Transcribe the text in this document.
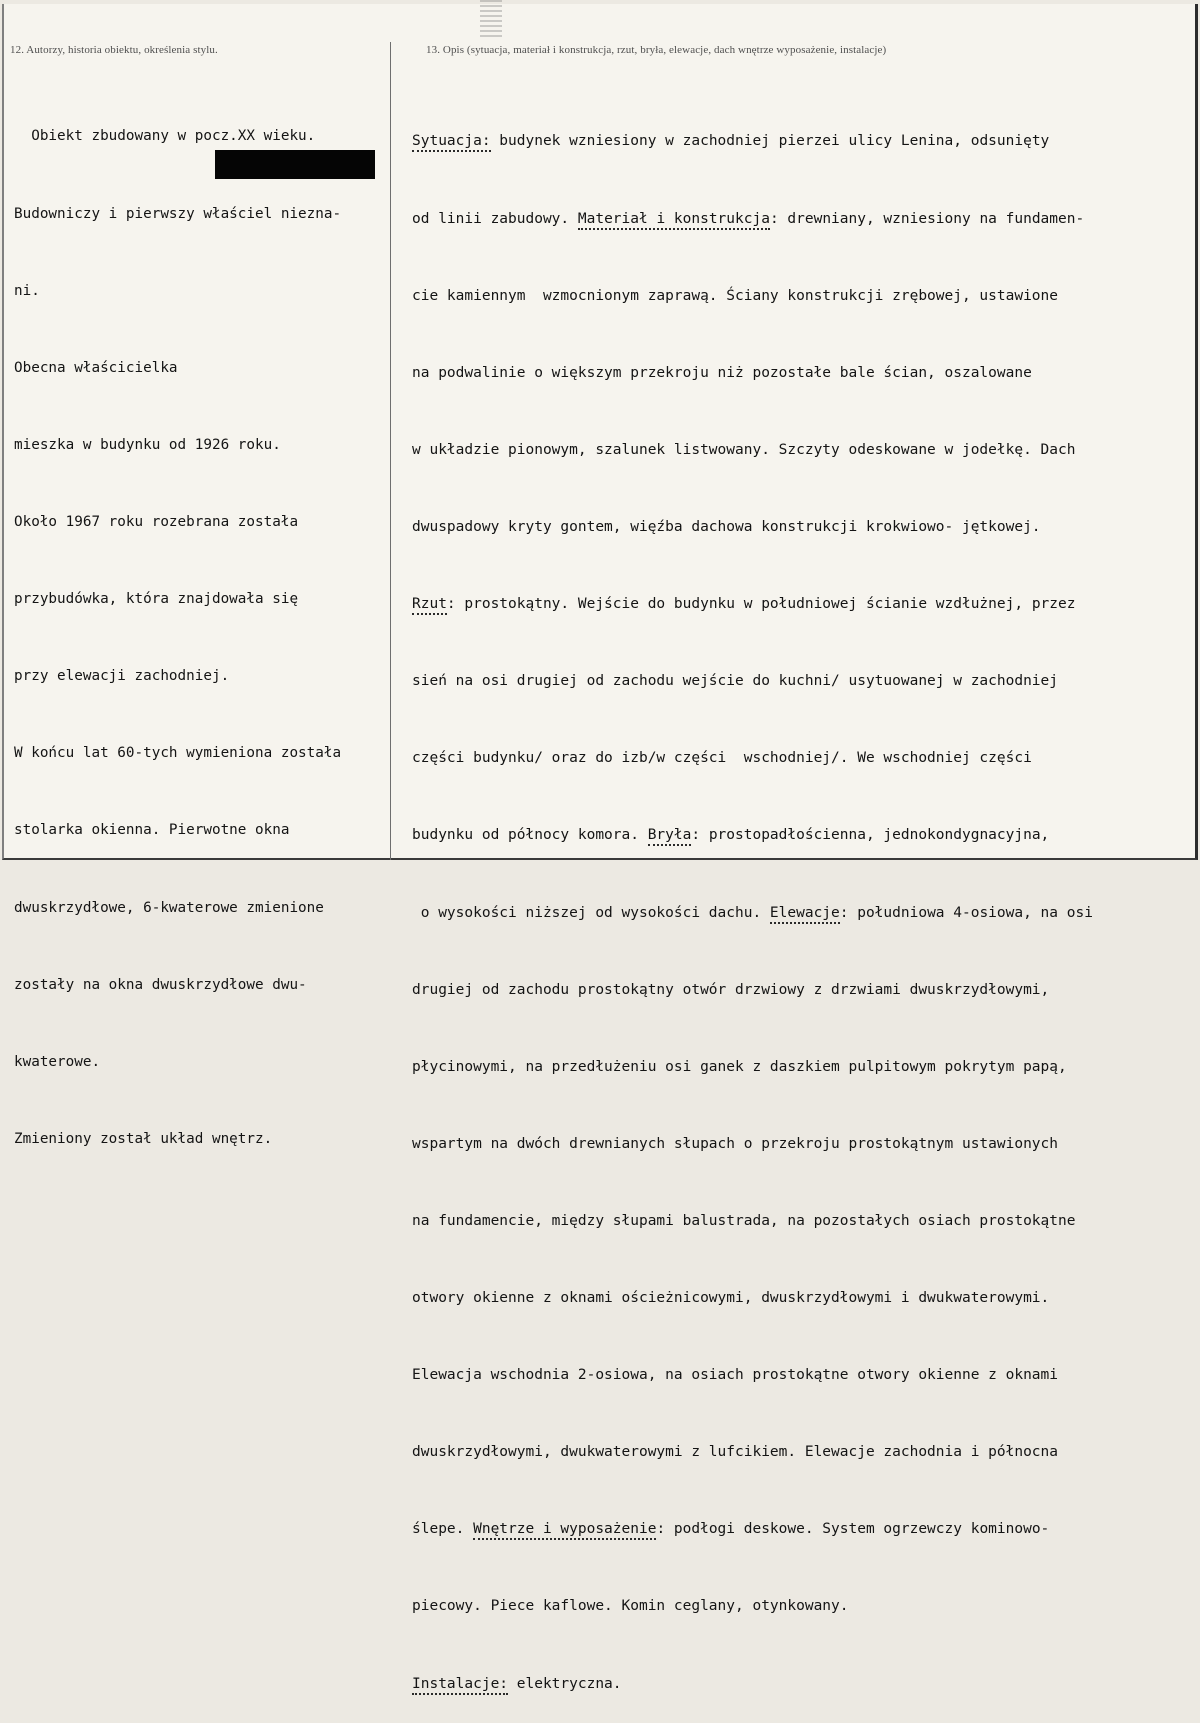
12. Autorzy, historia obiektu, określenia stylu.	13. Opis (sytuacja, materiał i konstrukcja, rzut, bryła, elewacje, dach wnętrze wyposażenie, instalacje)

Obiekt zbudowany w pocz.XX wieku.

Budowniczy i pierwszy właściel niezna-

ni.

Obecna właścicielka

mieszka w budynku od 1926 roku.

Około 1967 roku rozebrana została

przybudówka, która znajdowała się

przy elewacji zachodniej.

W końcu lat 60-tych wymieniona została

stolarka okienna. Pierwotne okna

dwuskrzydłowe, 6-kwaterowe zmienione

zostały na okna dwuskrzydłowe dwu-

kwaterowe.

Zmieniony został układ wnętrz.

Sytuacja: budynek wzniesiony w zachodniej pierzei ulicy Lenina, odsunięty

od linii zabudowy. Materiał i konstrukcja: drewniany, wzniesiony na fundamen-

cie kamiennym  wzmocnionym zaprawą. Ściany konstrukcji zrębowej, ustawione

na podwalinie o większym przekroju niż pozostałe bale ścian, oszalowane

w układzie pionowym, szalunek listwowany. Szczyty odeskowane w jodełkę. Dach

dwuspadowy kryty gontem, więźba dachowa konstrukcji krokwiowo- jętkowej.

Rzut: prostokątny. Wejście do budynku w południowej ścianie wzdłużnej, przez

sień na osi drugiej od zachodu wejście do kuchni/ usytuowanej w zachodniej

części budynku/ oraz do izb/w części  wschodniej/. We wschodniej części

budynku od północy komora. Bryła: prostopadłościenna, jednokondygnacyjna,

o wysokości niższej od wysokości dachu. Elewacje: południowa 4-osiowa, na osi

drugiej od zachodu prostokątny otwór drzwiowy z drzwiami dwuskrzydłowymi,

płycinowymi, na przedłużeniu osi ganek z daszkiem pulpitowym pokrytym papą,

wspartym na dwóch drewnianych słupach o przekroju prostokątnym ustawionych

na fundamencie, między słupami balustrada, na pozostałych osiach prostokątne

otwory okienne z oknami ościeżnicowymi, dwuskrzydłowymi i dwukwaterowymi.

Elewacja wschodnia 2-osiowa, na osiach prostokątne otwory okienne z oknami

dwuskrzydłowymi, dwukwaterowymi z lufcikiem. Elewacje zachodnia i północna

ślepe. Wnętrze i wyposażenie: podłogi deskowe. System ogrzewczy kominowo-

piecowy. Piece kaflowe. Komin ceglany, otynkowany.

Instalacje: elektryczna.
